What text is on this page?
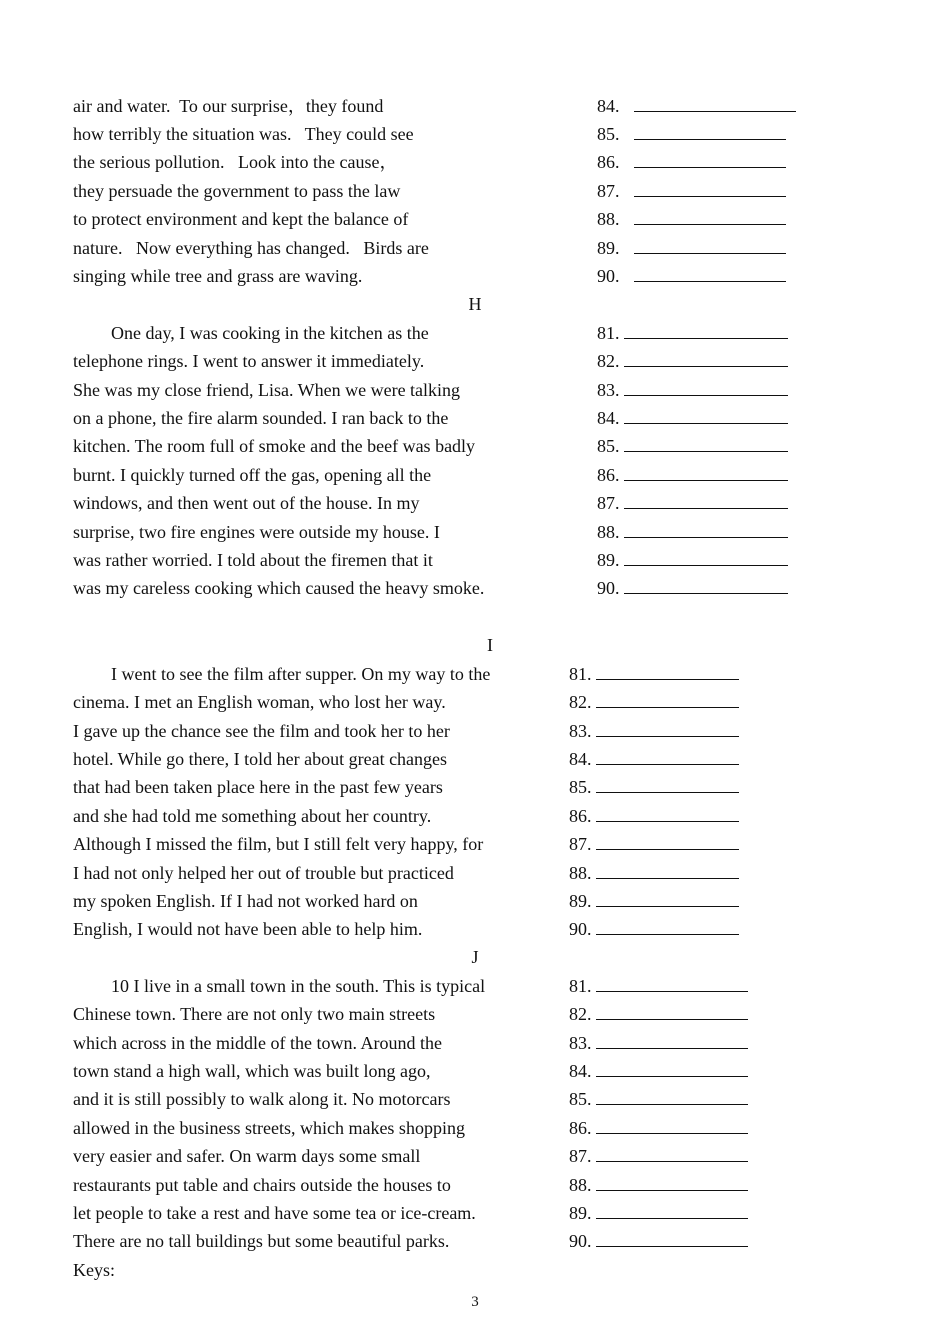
air and water.  To our surprise，they found
how terribly the situation was.   They could see
the serious pollution.   Look into the cause，
they persuade the government to pass the law
to protect environment and kept the balance of
nature.   Now everything has changed.   Birds are
singing while tree and grass are waving.
84.
85.
86.
87.
88.
89.
90.
H
One day, I was cooking in the kitchen as the
telephone rings. I went to answer it immediately.
She was my close friend, Lisa. When we were talking
on a phone, the fire alarm sounded. I ran back to the
kitchen. The room full of smoke and the beef was badly
burnt. I quickly turned off the gas, opening all the
windows, and then went out of the house. In my
surprise, two fire engines were outside my house. I
was rather worried. I told about the firemen that it
was my careless cooking which caused the heavy smoke.
81.
82.
83.
84.
85.
86.
87.
88.
89.
90.
I
I went to see the film after supper. On my way to the
cinema. I met an English woman, who lost her way.
I gave up the chance see the film and took her to her
hotel. While go there, I told her about great changes
that had been taken place here in the past few years
and she had told me something about her country.
Although I missed the film, but I still felt very happy, for
I had not only helped her out of trouble but practiced
my spoken English. If I had not worked hard on
English, I would not have been able to help him.
81.
82.
83.
84.
85.
86.
87.
88.
89.
90.
J
10 I live in a small town in the south. This is typical
Chinese town. There are not only two main streets
which across in the middle of the town. Around the
town stand a high wall, which was built long ago,
and it is still possibly to walk along it. No motorcars
allowed in the business streets, which makes shopping
very easier and safer. On warm days some small
restaurants put table and chairs outside the houses to
let people to take a rest and have some tea or ice-cream.
There are no tall buildings but some beautiful parks.
81.
82.
83.
84.
85.
86.
87.
88.
89.
90.
Keys:
3
